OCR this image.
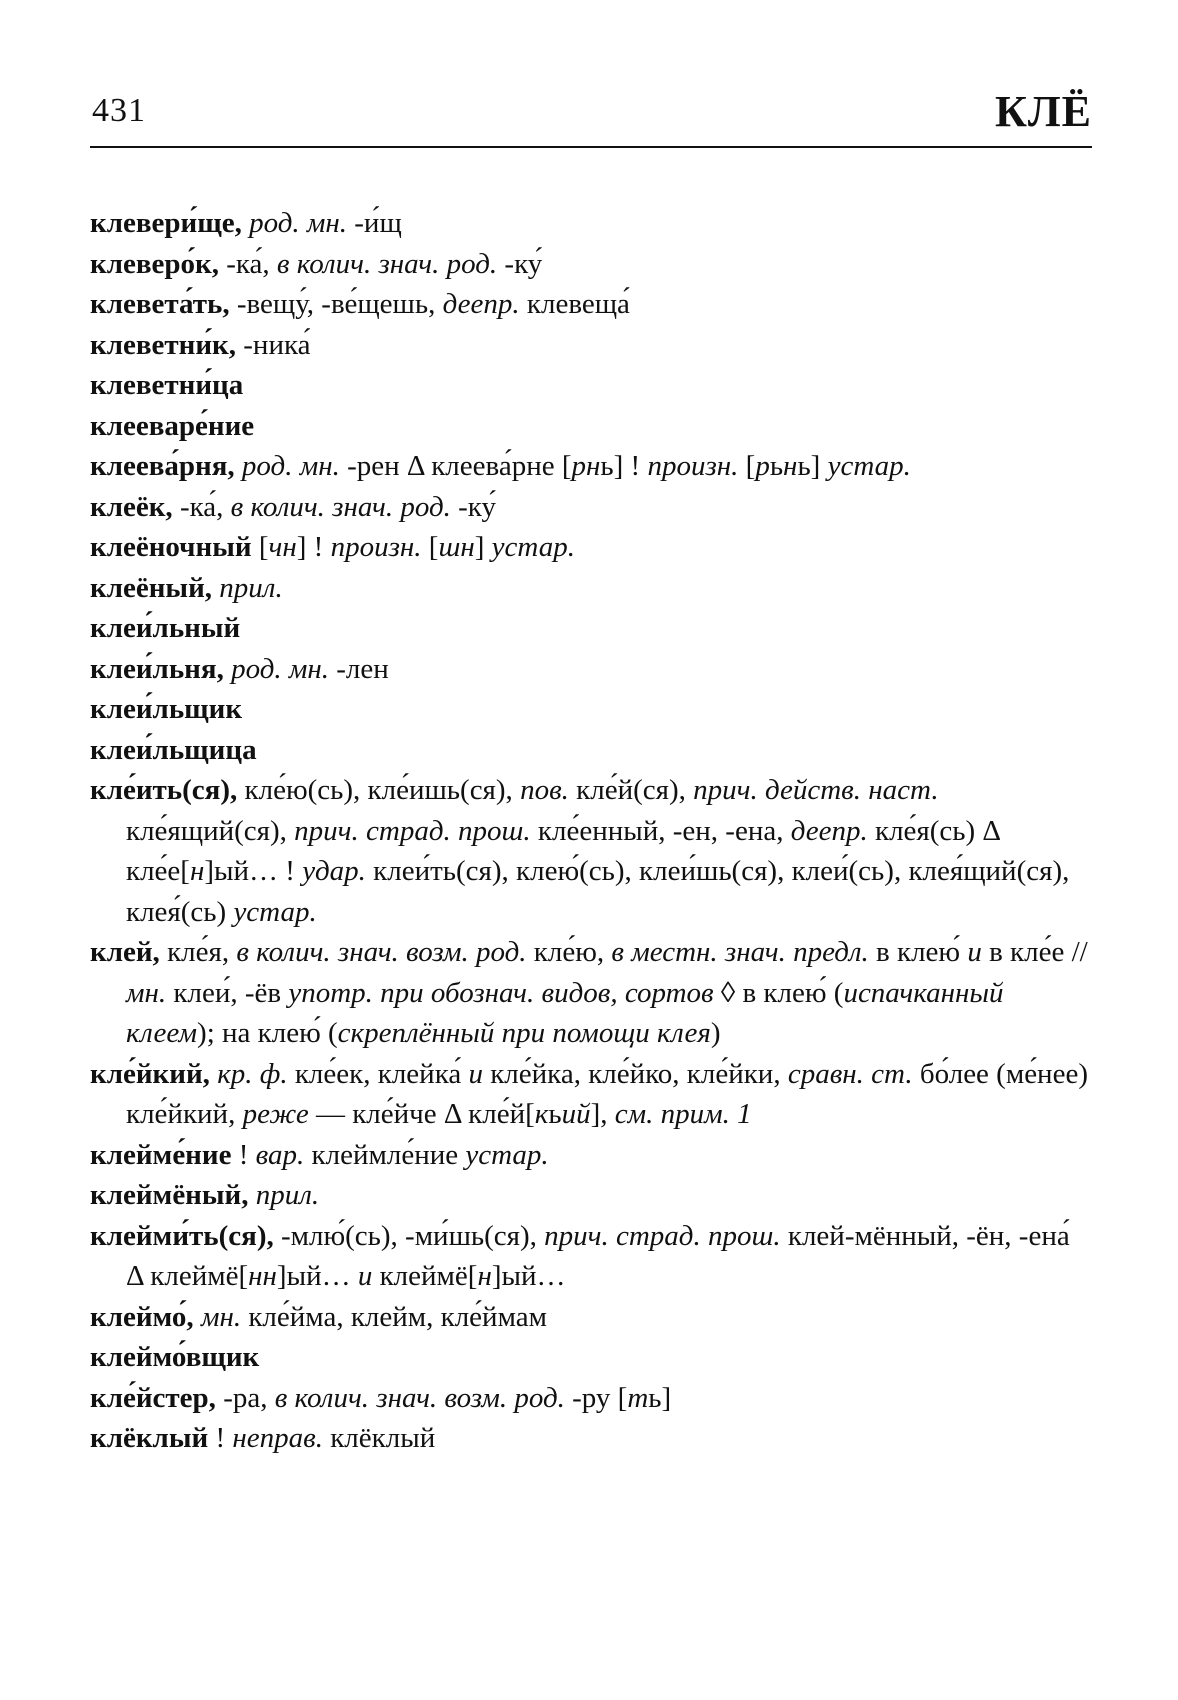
431	КЛЁ
клевери́ще, род. мн. -и́щ
клеверо́к, -ка́, в колич. знач. род. -ку́
клевета́ть, -вещу́, -ве́щешь, деепр. клевеща́
клеветни́к, -ника́
клеветни́ца
клееваре́ние
клеева́рня, род. мн. -рен Δ клеева́рне [рнь] ! произн. [рьнь] устар.
клеёк, -ка́, в колич. знач. род. -ку́
клеёночный [чн] ! произн. [шн] устар.
клеёный, прил.
клеи́льный
клеи́льня, род. мн. -лен
клеи́льщик
клеи́льщица
кле́ить(ся), кле́ю(сь), кле́ишь(ся), пов. кле́й(ся), прич. действ. наст. кле́ящий(ся), прич. страд. прош. кле́енный, -ен, -ена, деепр. кле́я(сь) Δ кле́е[н]ый… ! удар. клеи́ть(ся), клею́(сь), клеи́шь(ся), клеи́(сь), клея́щий(ся), клея́(сь) устар.
клей, кле́я, в колич. знач. возм. род. кле́ю, в местн. знач. предл. в клею́ и в кле́е // мн. клеи́, -ёв употр. при обознач. видов, сортов ◊ в клею́ (испачканный клеем); на клею́ (скреплённый при помощи клея)
кле́йкий, кр. ф. кле́ек, клейка́ и кле́йка, кле́йко, кле́йки, сравн. ст. бо́лее (ме́нее) кле́йкий, реже — кле́йче Δ кле́й[кьий], см. прим. 1
клейме́ние ! вар. клеймле́ние устар.
клеймёный, прил.
клейми́ть(ся), -млю́(сь), -ми́шь(ся), прич. страд. прош. клей-мённый, -ён, -ена́ Δ клеймё[нн]ый… и клеймё[н]ый…
клеймо́, мн. кле́йма, клейм, кле́ймам
клеймо́вщик
кле́йстер, -ра, в колич. знач. возм. род. -ру [ть]
клёклый ! неправ. клёклый
